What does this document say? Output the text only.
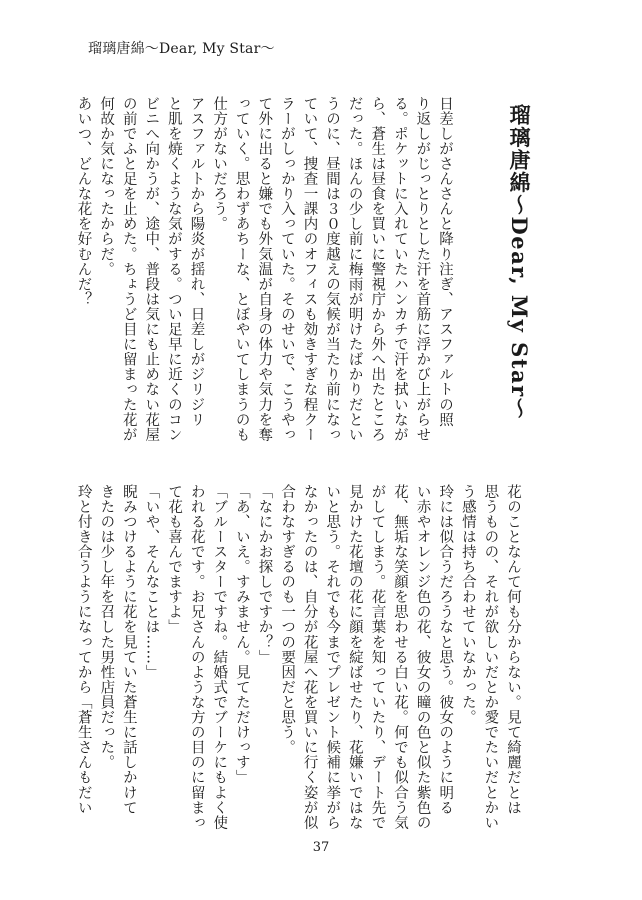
瑠璃唐綿〜Dear, My Star〜
瑠璃唐綿〜Dear, My Star〜
日差しがさんさんと降り注ぎ、アスファルトの照
り返しがじっとりとした汗を首筋に浮かび上がらせ
る。ポケットに入れていたハンカチで汗を拭いなが
ら、蒼生は昼食を買いに警視庁から外へ出たところ
だった。ほんの少し前に梅雨が明けたばかりだとい
うのに、昼間は３０度越えの気候が当たり前になっ
ていて、捜査一課内のオフィスも効きすぎな程クー
ラーがしっかり入っていた。そのせいで、こうやっ
て外に出ると嫌でも外気温が自身の体力や気力を奪
っていく。思わずあちーな、とぼやいてしまうのも
仕方がないだろう。
アスファルトから陽炎が揺れ、日差しがジリジリ
と肌を焼くような気がする。つい足早に近くのコン
ビニへ向かうが、途中、普段は気にも止めない花屋
の前でふと足を止めた。ちょうど目に留まった花が
何故か気になったからだ。
あいつ、どんな花を好むんだ？
花のことなんて何も分からない。見て綺麗だとは
思うものの、それが欲しいだとか愛でたいだとかい
う感情は持ち合わせていなかった。
玲には似合うだろうなと思う。彼女のように明る
い赤やオレンジ色の花、彼女の瞳の色と似た紫色の
花、無垢な笑顔を思わせる白い花。何でも似合う気
がしてしまう。花言葉を知っていたり、デート先で
見かけた花壇の花に顔を綻ばせたり、花嫌いではな
いと思う。それでも今までプレゼント候補に挙がら
なかったのは、自分が花屋へ花を買いに行く姿が似
合わなすぎるのも一つの要因だと思う。
「なにかお探しですか？」
「あ、いえ。すみません。見てただけっす」
「ブルースターですね。結婚式でブーケにもよく使
われる花です。お兄さんのような方の目のに留まっ
て花も喜んでますよ」
「いや、そんなことは……」
睨みつけるように花を見ていた蒼生に話しかけて
きたのは少し年を召した男性店員だった。
玲と付き合うようになってから「蒼生さんもだい
37
